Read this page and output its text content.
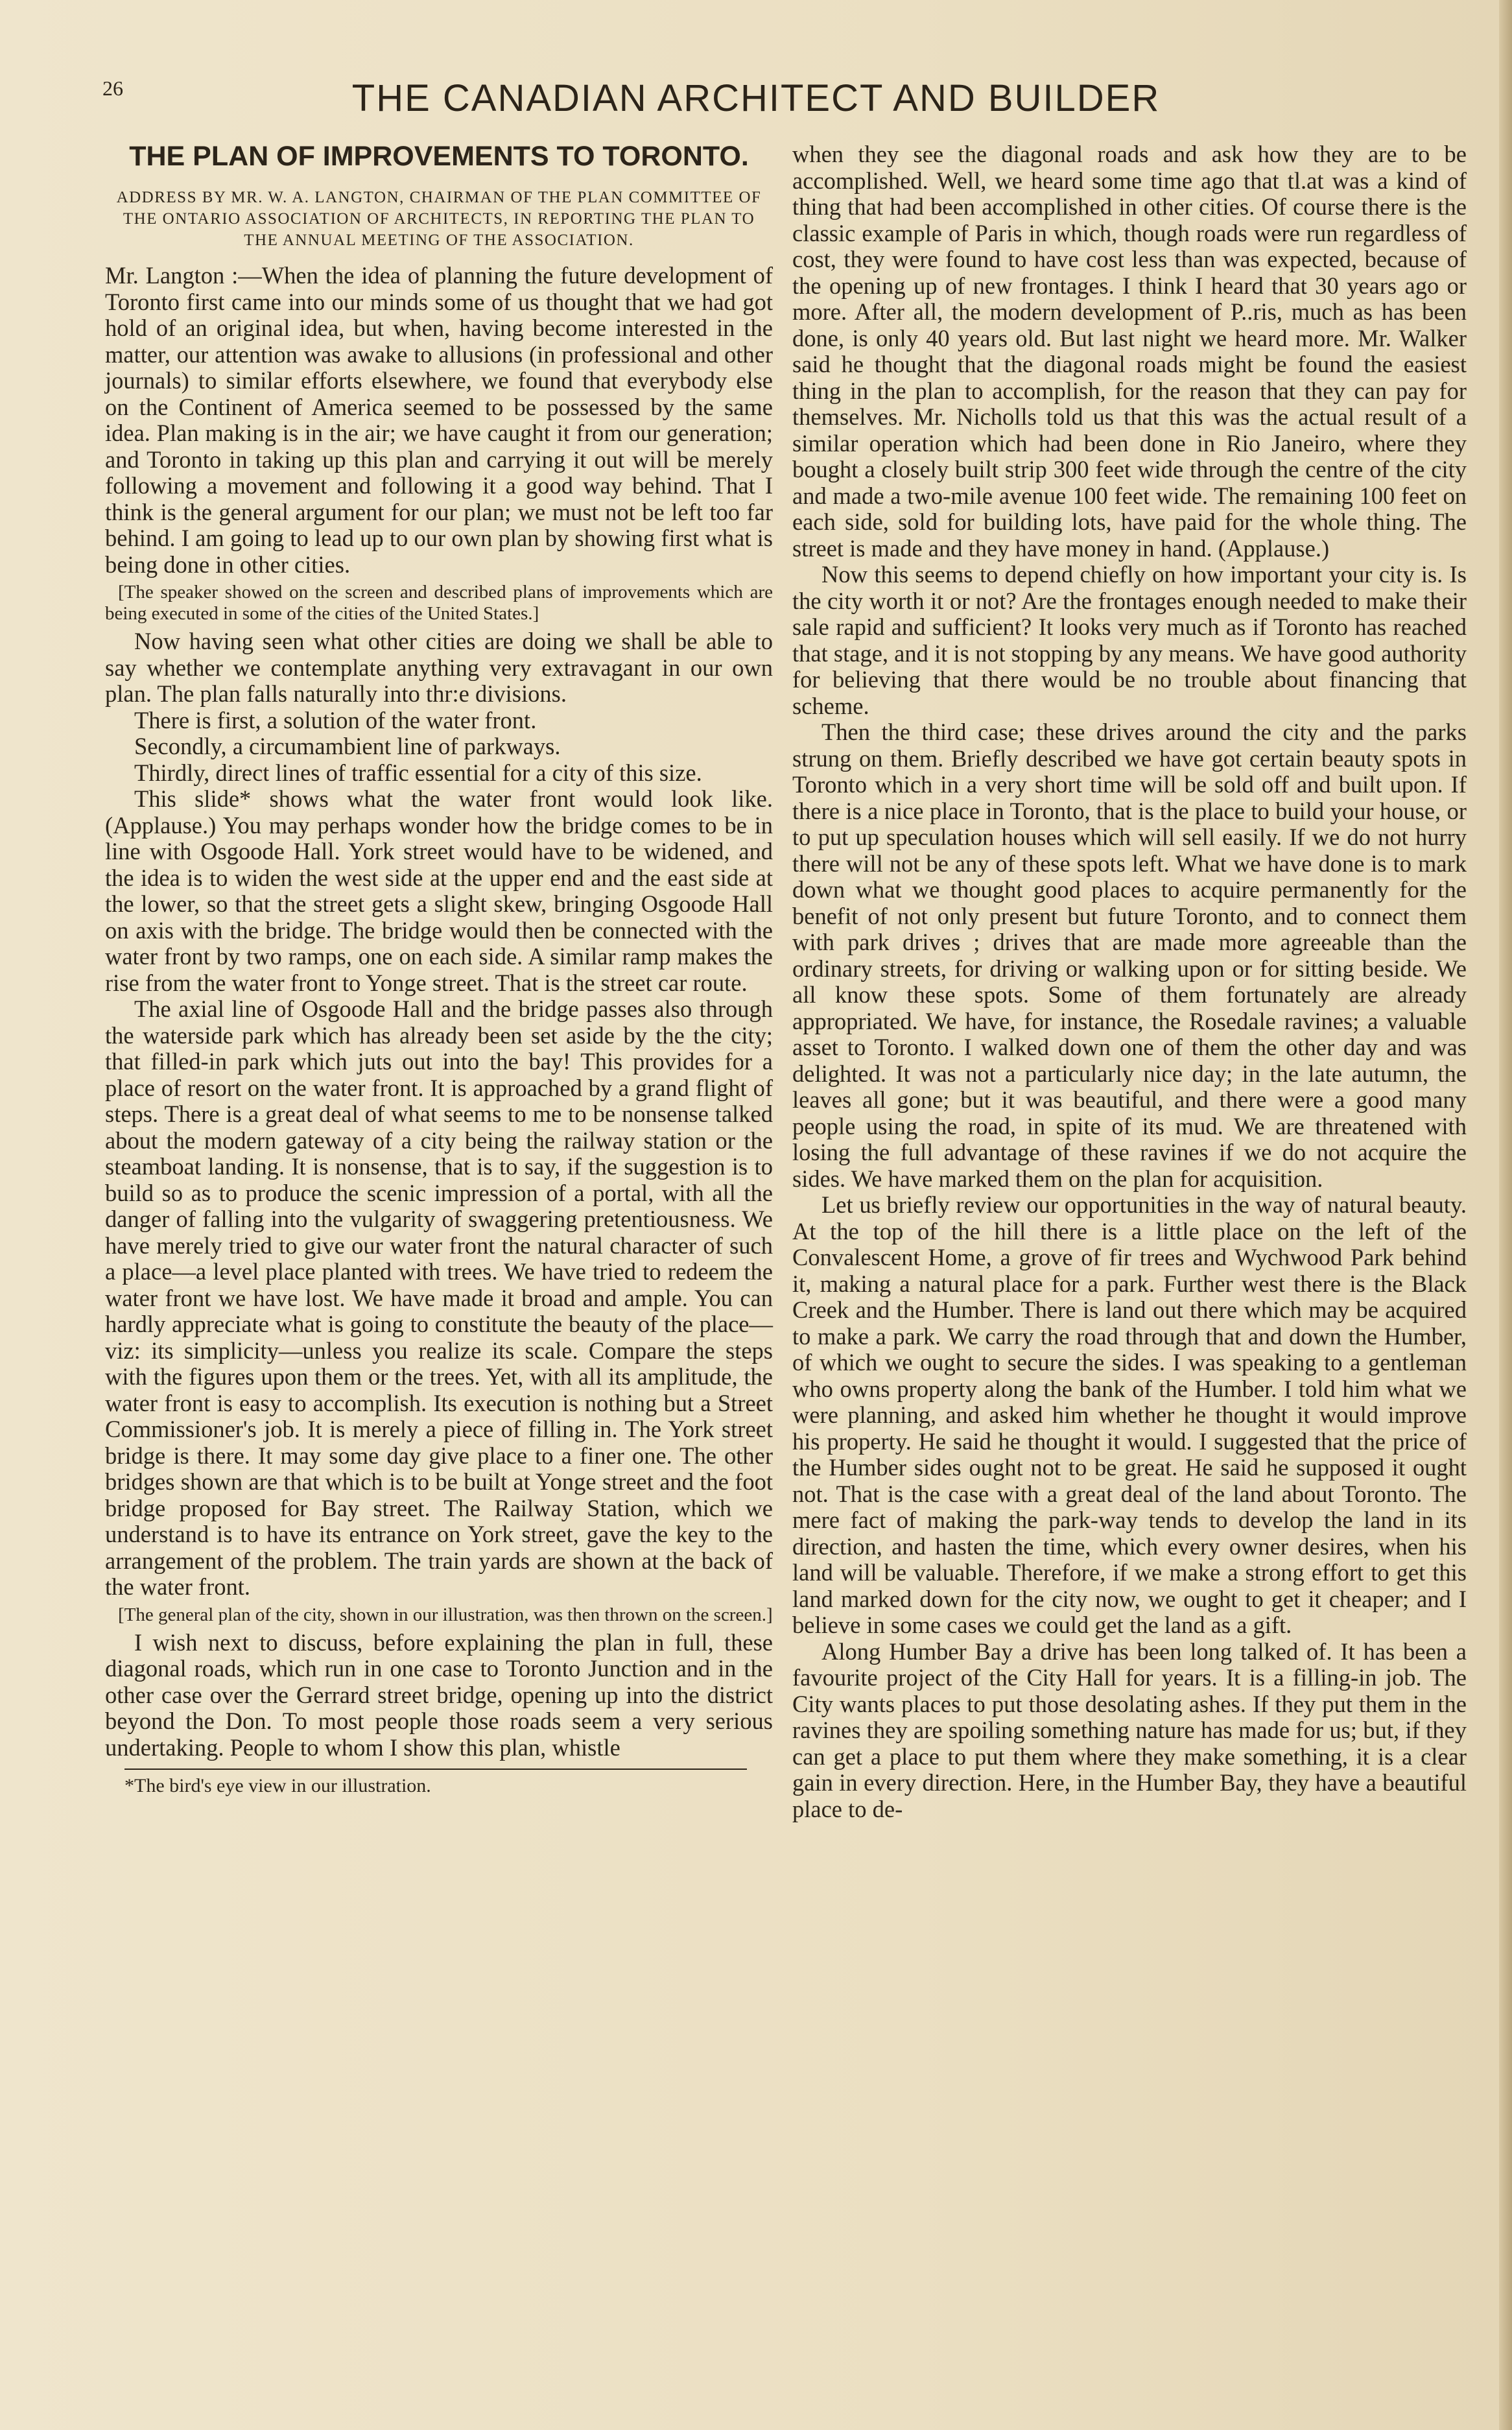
26	THE CANADIAN ARCHITECT AND BUILDER
THE PLAN OF IMPROVEMENTS TO TORONTO.
ADDRESS BY MR. W. A. LANGTON, CHAIRMAN OF THE PLAN COMMITTEE OF THE ONTARIO ASSOCIATION OF ARCHITECTS, IN REPORTING THE PLAN TO THE ANNUAL MEETING OF THE ASSOCIATION.

Mr. Langton :—When the idea of planning the future development of Toronto first came into our minds some of us thought that we had got hold of an original idea, but when, having become interested in the matter, our attention was awake to allusions (in professional and other journals) to similar efforts elsewhere, we found that everybody else on the Continent of America seemed to be possessed by the same idea. Plan making is in the air; we have caught it from our generation; and Toronto in taking up this plan and carrying it out will be merely following a movement and following it a good way behind. That I think is the general argument for our plan; we must not be left too far behind. I am going to lead up to our own plan by showing first what is being done in other cities.

[The speaker showed on the screen and described plans of improvements which are being executed in some of the cities of the United States.]

Now having seen what other cities are doing we shall be able to say whether we contemplate anything very extravagant in our own plan. The plan falls naturally into thr:e divisions.

There is first, a solution of the water front.

Secondly, a circumambient line of parkways.

Thirdly, direct lines of traffic essential for a city of this size.

This slide* shows what the water front would look like. (Applause.) You may perhaps wonder how the bridge comes to be in line with Osgoode Hall. York street would have to be widened, and the idea is to widen the west side at the upper end and the east side at the lower, so that the street gets a slight skew, bringing Osgoode Hall on axis with the bridge. The bridge would then be connected with the water front by two ramps, one on each side. A similar ramp makes the rise from the water front to Yonge street. That is the street car route.

The axial line of Osgoode Hall and the bridge passes also through the waterside park which has already been set aside by the the city; that filled-in park which juts out into the bay! This provides for a place of resort on the water front. It is approached by a grand flight of steps. There is a great deal of what seems to me to be nonsense talked about the modern gateway of a city being the railway station or the steamboat landing. It is nonsense, that is to say, if the suggestion is to build so as to produce the scenic impression of a portal, with all the danger of falling into the vulgarity of swaggering pretentiousness. We have merely tried to give our water front the natural character of such a place—a level place planted with trees. We have tried to redeem the water front we have lost. We have made it broad and ample. You can hardly appreciate what is going to constitute the beauty of the place—viz: its simplicity—unless you realize its scale. Compare the steps with the figures upon them or the trees. Yet, with all its amplitude, the water front is easy to accomplish. Its execution is nothing but a Street Commissioner's job. It is merely a piece of filling in. The York street bridge is there. It may some day give place to a finer one. The other bridges shown are that which is to be built at Yonge street and the foot bridge proposed for Bay street. The Railway Station, which we understand is to have its entrance on York street, gave the key to the arrangement of the problem. The train yards are shown at the back of the water front.

[The general plan of the city, shown in our illustration, was then thrown on the screen.]

I wish next to discuss, before explaining the plan in full, these diagonal roads, which run in one case to Toronto Junction and in the other case over the Gerrard street bridge, opening up into the district beyond the Don. To most people those roads seem a very serious undertaking. People to whom I show this plan, whistle

*The bird's eye view in our illustration.

when they see the diagonal roads and ask how they are to be accomplished. Well, we heard some time ago that tl.at was a kind of thing that had been accomplished in other cities. Of course there is the classic example of Paris in which, though roads were run regardless of cost, they were found to have cost less than was expected, because of the opening up of new frontages. I think I heard that 30 years ago or more. After all, the modern development of P..ris, much as has been done, is only 40 years old. But last night we heard more. Mr. Walker said he thought that the diagonal roads might be found the easiest thing in the plan to accomplish, for the reason that they can pay for themselves. Mr. Nicholls told us that this was the actual result of a similar operation which had been done in Rio Janeiro, where they bought a closely built strip 300 feet wide through the centre of the city and made a two-mile avenue 100 feet wide. The remaining 100 feet on each side, sold for building lots, have paid for the whole thing. The street is made and they have money in hand. (Applause.)

Now this seems to depend chiefly on how important your city is. Is the city worth it or not? Are the frontages enough needed to make their sale rapid and sufficient? It looks very much as if Toronto has reached that stage, and it is not stopping by any means. We have good authority for believing that there would be no trouble about financing that scheme.

Then the third case; these drives around the city and the parks strung on them. Briefly described we have got certain beauty spots in Toronto which in a very short time will be sold off and built upon. If there is a nice place in Toronto, that is the place to build your house, or to put up speculation houses which will sell easily. If we do not hurry there will not be any of these spots left. What we have done is to mark down what we thought good places to acquire permanently for the benefit of not only present but future Toronto, and to connect them with park drives ; drives that are made more agreeable than the ordinary streets, for driving or walking upon or for sitting beside. We all know these spots. Some of them fortunately are already appropriated. We have, for instance, the Rosedale ravines; a valuable asset to Toronto. I walked down one of them the other day and was delighted. It was not a particularly nice day; in the late autumn, the leaves all gone; but it was beautiful, and there were a good many people using the road, in spite of its mud. We are threatened with losing the full advantage of these ravines if we do not acquire the sides. We have marked them on the plan for acquisition.

Let us briefly review our opportunities in the way of natural beauty. At the top of the hill there is a little place on the left of the Convalescent Home, a grove of fir trees and Wychwood Park behind it, making a natural place for a park. Further west there is the Black Creek and the Humber. There is land out there which may be acquired to make a park. We carry the road through that and down the Humber, of which we ought to secure the sides. I was speaking to a gentleman who owns property along the bank of the Humber. I told him what we were planning, and asked him whether he thought it would improve his property. He said he thought it would. I suggested that the price of the Humber sides ought not to be great. He said he supposed it ought not. That is the case with a great deal of the land about Toronto. The mere fact of making the park-way tends to develop the land in its direction, and hasten the time, which every owner desires, when his land will be valuable. Therefore, if we make a strong effort to get this land marked down for the city now, we ought to get it cheaper; and I believe in some cases we could get the land as a gift.

Along Humber Bay a drive has been long talked of. It has been a favourite project of the City Hall for years. It is a filling-in job. The City wants places to put those desolating ashes. If they put them in the ravines they are spoiling something nature has made for us; but, if they can get a place to put them where they make something, it is a clear gain in every direction. Here, in the Humber Bay, they have a beautiful place to de-
